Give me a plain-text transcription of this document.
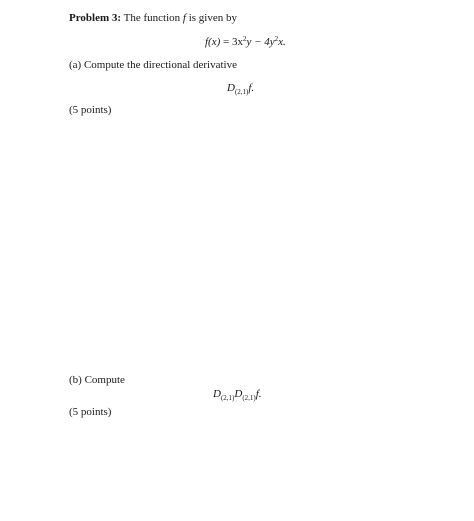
Problem 3: The function f is given by
$f(x) = 3x^2y - 4y^2x$.
(a) Compute the directional derivative
$D_{(2,1)}f$.
(5 points)
(b) Compute
$D_{(2,1)}D_{(2,1)}f$.
(5 points)
